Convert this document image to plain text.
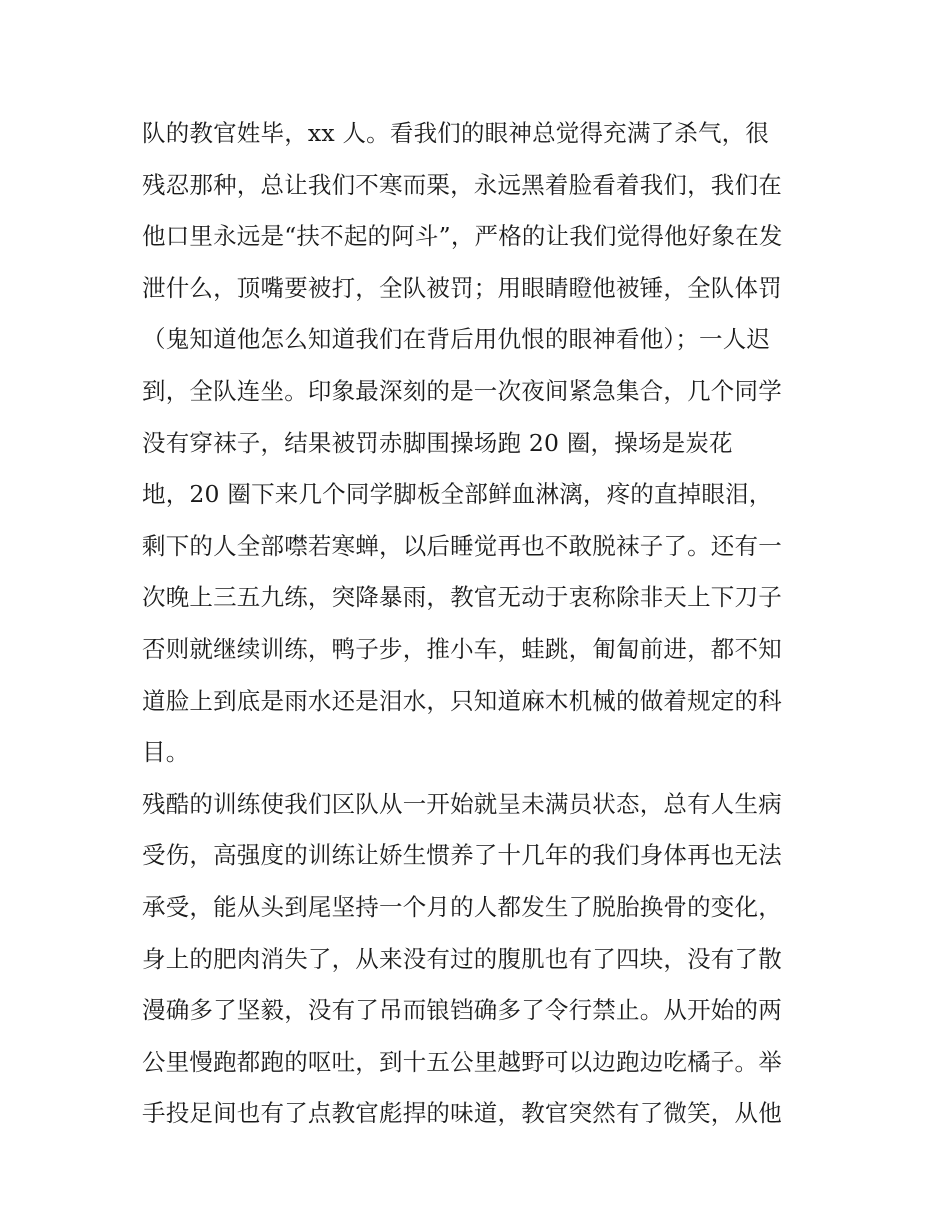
队的教官姓毕，xx 人。看我们的眼神总觉得充满了杀气，很
残忍那种，总让我们不寒而栗，永远黑着脸看着我们，我们在
他口里永远是“扶不起的阿斗”，严格的让我们觉得他好象在发
泄什么，顶嘴要被打，全队被罚；用眼睛瞪他被锤，全队体罚
（鬼知道他怎么知道我们在背后用仇恨的眼神看他）；一人迟
到，全队连坐。印象最深刻的是一次夜间紧急集合，几个同学
没有穿袜子，结果被罚赤脚围操场跑 20 圈，操场是炭花
地，20 圈下来几个同学脚板全部鲜血淋漓，疼的直掉眼泪，
剩下的人全部噤若寒蝉，以后睡觉再也不敢脱袜子了。还有一
次晚上三五九练，突降暴雨，教官无动于衷称除非天上下刀子
否则就继续训练，鸭子步，推小车，蛙跳，匍匐前进，都不知
道脸上到底是雨水还是泪水，只知道麻木机械的做着规定的科
目。
残酷的训练使我们区队从一开始就呈未满员状态，总有人生病
受伤，高强度的训练让娇生惯养了十几年的我们身体再也无法
承受，能从头到尾坚持一个月的人都发生了脱胎换骨的变化，
身上的肥肉消失了，从来没有过的腹肌也有了四块，没有了散
漫确多了坚毅，没有了吊而锒铛确多了令行禁止。从开始的两
公里慢跑都跑的呕吐，到十五公里越野可以边跑边吃橘子。举
手投足间也有了点教官彪捍的味道，教官突然有了微笑，从他
